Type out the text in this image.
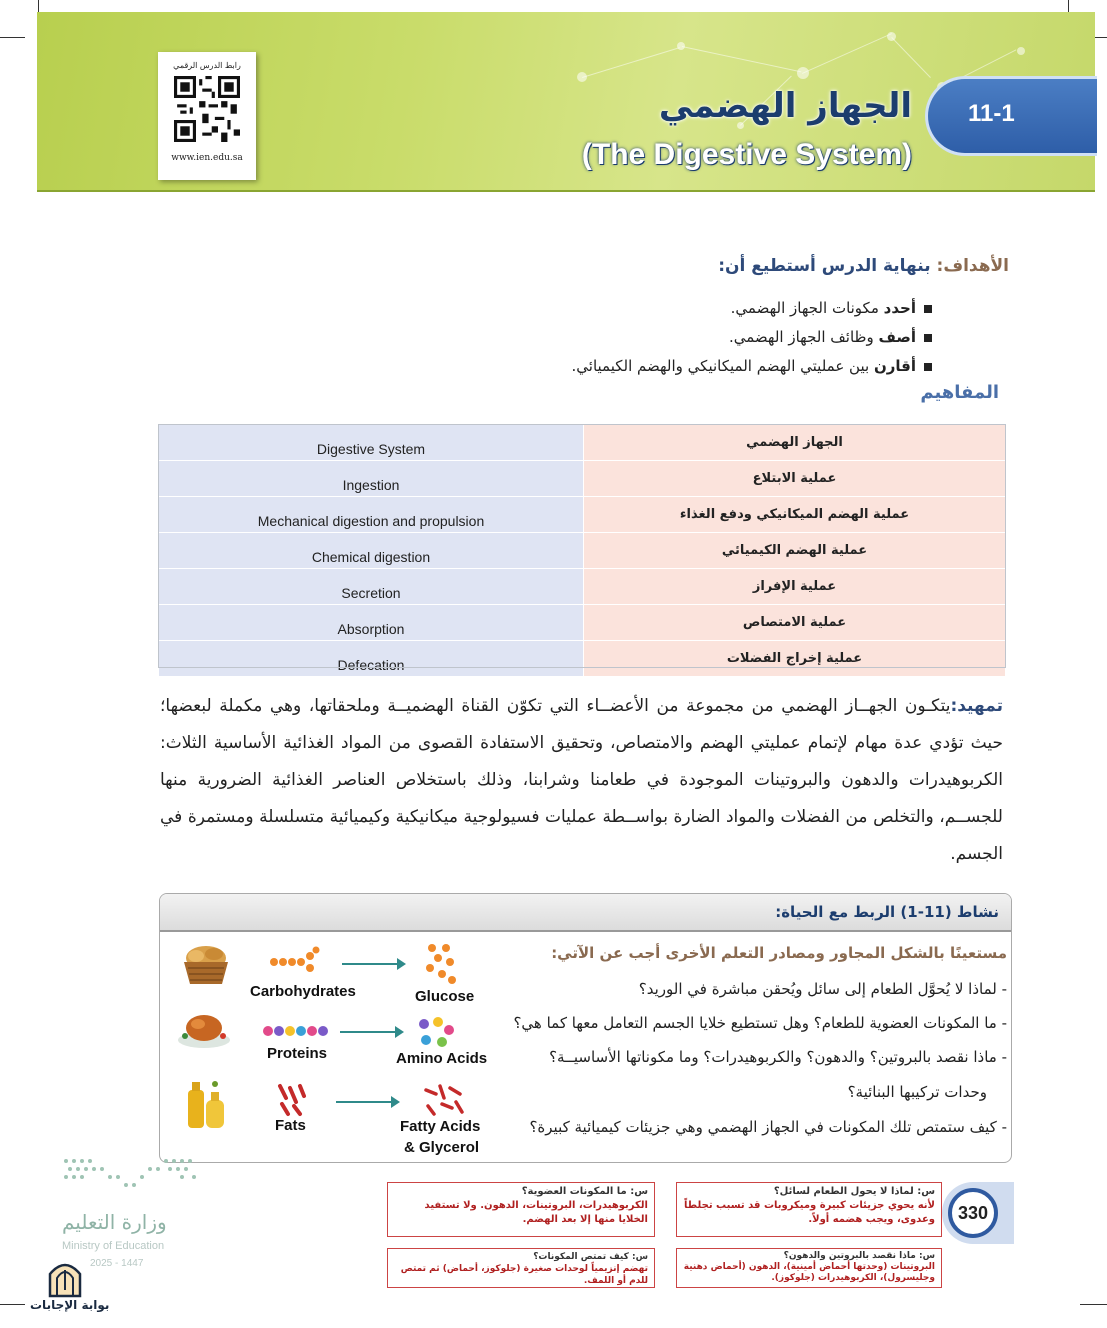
رابط الدرس الرقمي
www.ien.edu.sa
11-1
الجهاز الهضمي
(The Digestive System)
الأهداف: بنهاية الدرس أستطيع أن:
أحدد مكونات الجهاز الهضمي.
أصف وظائف الجهاز الهضمي.
أقارن بين عمليتي الهضم الميكانيكي والهضم الكيميائي.
المفاهيم
Digestive System	الجهاز الهضمي
Ingestion	عملية الابتلاع
Mechanical digestion and propulsion	عملية الهضم الميكانيكي ودفع الغذاء
Chemical digestion	عملية الهضم الكيميائي
Secretion	عملية الإفراز
Absorption	عملية الامتصاص
Defecation	عملية إخراج الفضلات
تمهيد:يتكـون الجهــاز الهضمي من مجموعة من الأعضــاء التي تكوّن القناة الهضميــة وملحقاتها، وهي مكملة لبعضها؛ حيث تؤدي عدة مهام لإتمام عمليتي الهضم والامتصاص، وتحقيق الاستفادة القصوى من المواد الغذائية الأساسية الثلاث: الكربوهيدرات والدهون والبروتينات الموجودة في طعامنا وشرابنا، وذلك باستخلاص العناصر الغذائية الضرورية منها للجســم، والتخلص من الفضلات والمواد الضارة بواســطة عمليات فسيولوجية ميكانيكية وكيميائية متسلسلة ومستمرة في الجسم.
نشاط (11-1) الربط مع الحياة:
مستعينًا بالشكل المجاور ومصادر التعلم الأخرى أجب عن الآتي:
- لماذا لا يُحوَّل الطعام إلى سائل ويُحقن مباشرة في الوريد؟
- ما المكونات العضوية للطعام؟ وهل تستطيع خلايا الجسم التعامل معها كما هي؟
- ماذا نقصد بالبروتين؟ والدهون؟ والكربوهيدرات؟ وما مكوناتها الأساسيــة؟
وحدات تركيبها البنائية؟
- كيف ستمتص تلك المكونات في الجهاز الهضمي وهي جزيئات كيميائية كبيرة؟
Carbohydrates	Glucose
Proteins	Amino Acids
Fats	Fatty Acids
& Glycerol
330
س: لماذا لا يحول الطعام لسائل؟
لأنه يحوي جزيئات كبيرة وميكروبات قد تسبب تجلطاً وعدوى، ويجب هضمه أولاً.
س: ما المكونات العضوية؟
الكربوهيدرات، البروتينات، الدهون. ولا تستفيد الخلايا منها إلا بعد الهضم.
س: ماذا نقصد بالبروتين والدهون؟
البروتينات (وحدتها أحماض أمينية)، الدهون (أحماض دهنية وجليسرول)، الكربوهيدرات (جلوكوز).
س: كيف تمتص المكونات؟
تهضم إنزيمياً لوحدات صغيرة (جلوكوز، أحماض) ثم تمتص للدم أو اللمف.
وزارة التعليم
Ministry of Education
2025 - 1447
بوابة الإجابات
